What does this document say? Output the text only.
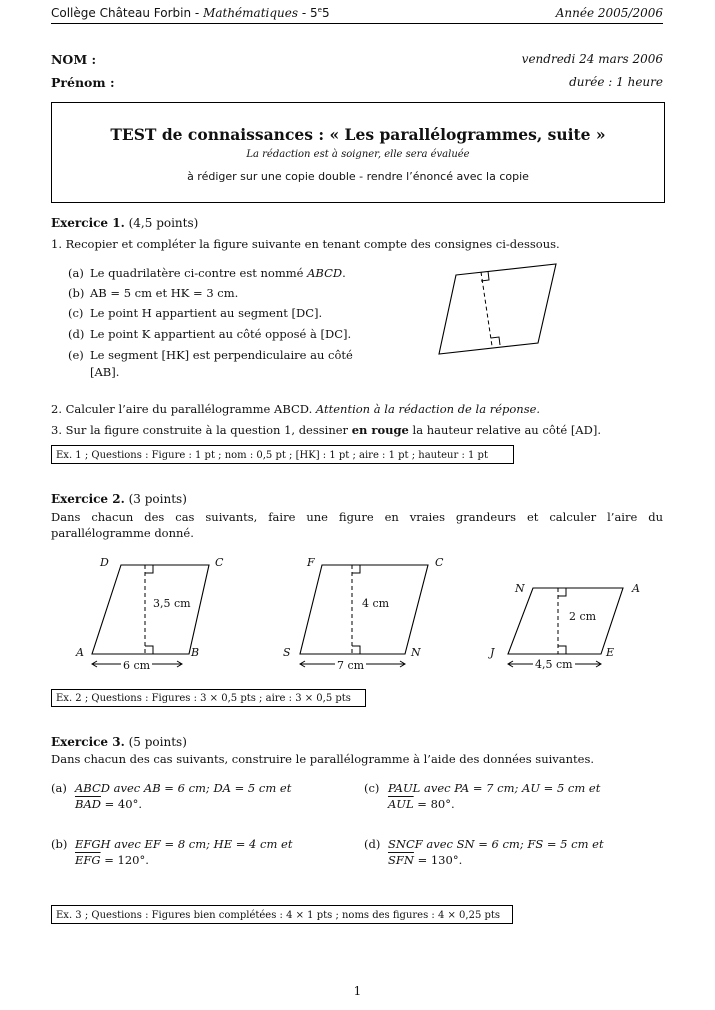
Collège Château Forbin - Mathématiques - 5e5	Année 2005/2006
NOM :
Prénom :
vendredi 24 mars 2006
durée : 1 heure
TEST de connaissances : « Les parallélogrammes, suite »
La rédaction est à soigner, elle sera évaluée
à rédiger sur une copie double - rendre l’énoncé avec la copie
Exercice 1. (4,5 points)
1. Recopier et compléter la figure suivante en tenant compte des consignes ci-dessous.
(a) Le quadrilatère ci-contre est nommé ABCD.
(b) AB = 5 cm et HK = 3 cm.
(c) Le point H appartient au segment [DC].
(d) Le point K appartient au côté opposé à [DC].
(e) Le segment [HK] est perpendiculaire au côté
[AB].
2. Calculer l’aire du parallélogramme ABCD. Attention à la rédaction de la réponse.
3. Sur la figure construite à la question 1, dessiner en rouge la hauteur relative au côté [AD].
Ex. 1 ; Questions : Figure : 1 pt ; nom : 0,5 pt ; [HK] : 1 pt ; aire : 1 pt ; hauteur : 1 pt
Exercice 2. (3 points)
Dans chacun des cas suivants, faire une figure en vraies grandeurs et calculer l’aire du parallélogramme donné.
D	C
A	B
3,5 cm
6 cm
F	C
S	N
4 cm
7 cm
N	A
J	E
2 cm
4,5 cm
Ex. 2 ; Questions : Figures : 3 × 0,5 pts ; aire : 3 × 0,5 pts
Exercice 3. (5 points)
Dans chacun des cas suivants, construire le parallélogramme à l’aide des données suivantes.
(a) ABCD avec AB = 6 cm; DA = 5 cm et
$\overline{BAD} = 40^\circ$.
(c) PAUL avec PA = 7 cm; AU = 5 cm et
$\overline{AUL} = 80^\circ$.
(b) EFGH avec EF = 8 cm; HE = 4 cm et
$\overline{EFG} = 120^\circ$.
(d) SNCF avec SN = 6 cm; FS = 5 cm et
$\overline{SFN} = 130^\circ$.
Ex. 3 ; Questions : Figures bien complétées : 4 × 1 pts ; noms des figures : 4 × 0,25 pts
1
